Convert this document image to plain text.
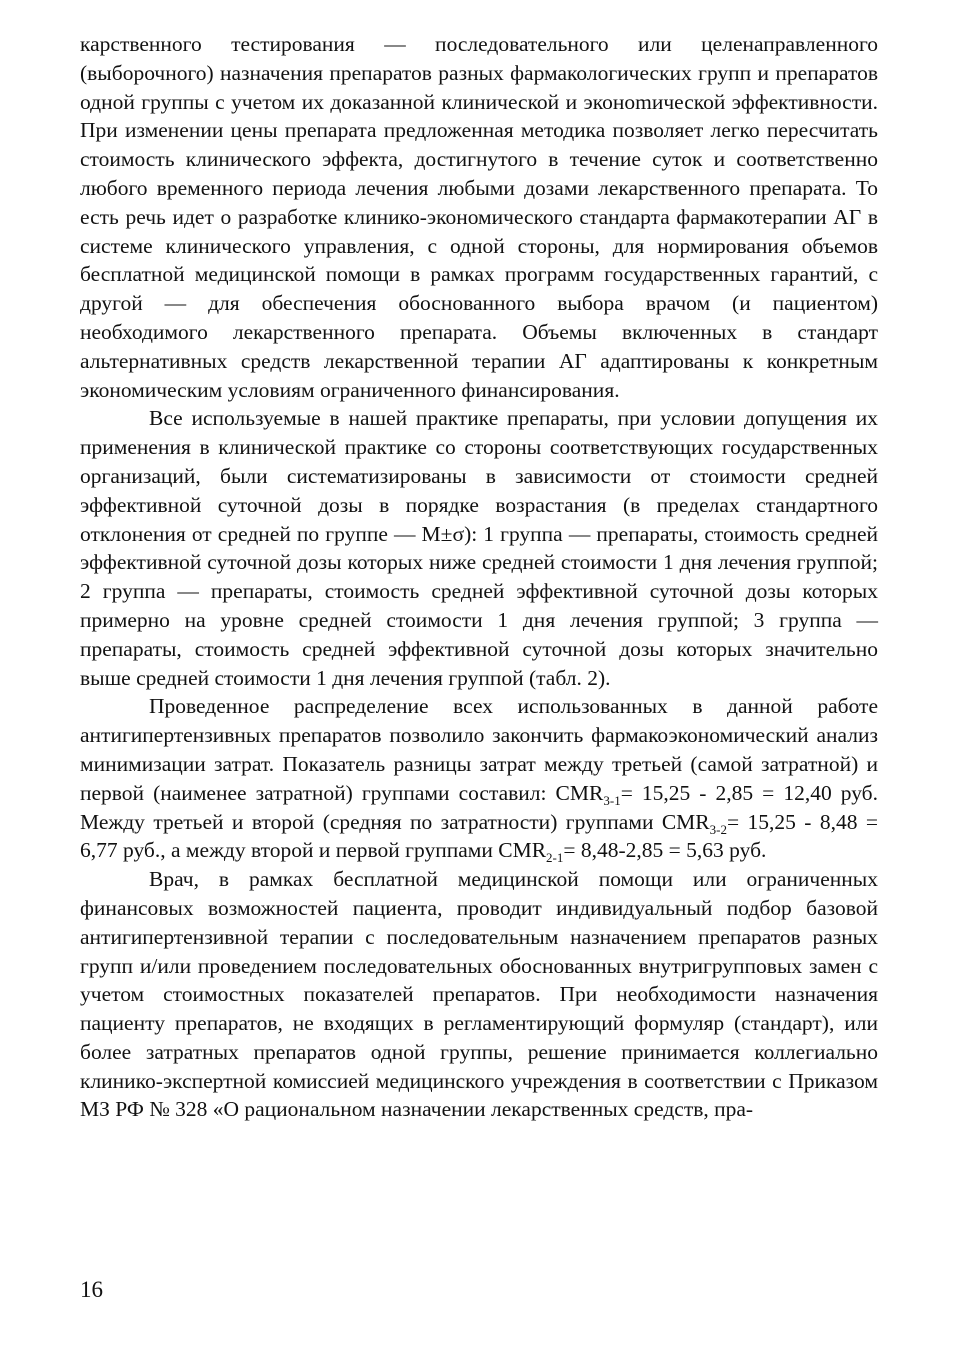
карственного тестирования — последовательного или целенаправленного (выборочного) назначения препаратов разных фармакологических групп и препаратов одной группы с учетом их доказанной клинической и эконоmической эффективности. При изменении цены препарата предложенная методика позволяет легко пересчитать стоимость клинического эффекта, достигнутого в течение суток и соответственно любого временного периода лечения любыми дозами лекарственного препарата. То есть речь идет о разработке клинико-экономического стандарта фармакотерапии АГ в системе клинического управления, с одной стороны, для нормирования объемов бесплатной медицинской помощи в рамках программ государственных гарантий, с другой — для обеспечения обоснованного выбора врачом (и пациентом) необходимого лекарственного препарата. Объемы включенных в стандарт альтернативных средств лекарственной терапии АГ адаптированы к конкретным экономическим условиям ограниченного финансирования.

Все используемые в нашей практике препараты, при условии допущения их применения в клинической практике со стороны соответствующих государственных организаций, были систематизированы в зависимости от стоимости средней эффективной суточной дозы в порядке возрастания (в пределах стандартного отклонения от средней по группе — M±σ): 1 группа — препараты, стоимость средней эффективной суточной дозы которых ниже средней стоимости 1 дня лечения группой; 2 группа — препараты, стоимость средней эффективной суточной дозы которых примерно на уровне средней стоимости 1 дня лечения группой; 3 группа — препараты, стоимость средней эффективной суточной дозы которых значительно выше средней стоимости 1 дня лечения группой (табл. 2).

Проведенное распределение всех использованных в данной работе антигипертензивных препаратов позволило закончить фармакоэкономический анализ минимизации затрат. Показатель разницы затрат между третьей (самой затратной) и первой (наименее затратной) группами составил: $CMR_{3-1}= 15,25 - 2,85 = 12,40$ руб. Между третьей и второй (средняя по затратности) группами $CMR_{3-2}= 15,25 - 8,48 = 6,77$ руб., а между второй и первой группами $CMR_{2-1}= 8,48-2,85 = 5,63$ руб.

Врач, в рамках бесплатной медицинской помощи или ограниченных финансовых возможностей пациента, проводит индивидуальный подбор базовой антигипертензивной терапии с последовательным назначением препаратов разных групп и/или проведением последовательных обоснованных внутригрупповых замен с учетом стоимостных показателей препаратов. При необходимости назначения пациенту препаратов, не входящих в регламентирующий формуляр (стандарт), или более затратных препаратов одной группы, решение принимается коллегиально клинико-экспертной комиссией медицинского учреждения в соответствии с Приказом МЗ РФ № 328 «О рациональном назначении лекарственных средств, пра-

16
